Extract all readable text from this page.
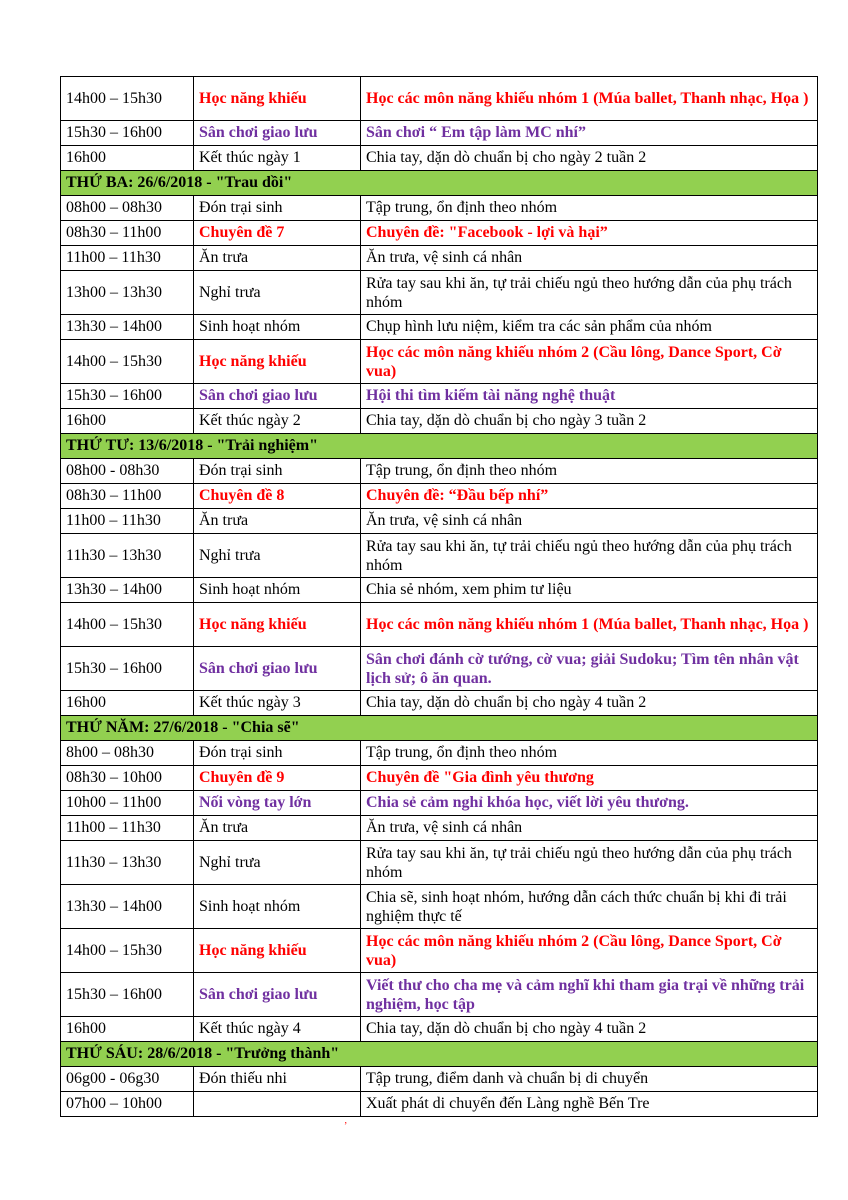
14h00 – 15h30	Học năng khiếu	Học các môn năng khiếu nhóm 1 (Múa ballet, Thanh nhạc, Họa )
15h30 – 16h00	Sân chơi giao lưu	Sân chơi “ Em tập làm MC nhí”
16h00	Kết thúc ngày 1	Chia tay, dặn dò chuẩn bị cho ngày 2 tuần 2
THỨ BA: 26/6/2018 - "Trau dồi"		
08h00 – 08h30	Đón trại sinh	Tập trung, ổn định theo nhóm
08h30 – 11h00	Chuyên đề 7	Chuyên đề: "Facebook - lợi và hại”
11h00 – 11h30	Ăn trưa	Ăn trưa, vệ sinh cá nhân
13h00 – 13h30	Nghỉ trưa	Rửa tay sau khi ăn, tự trải chiếu ngủ theo hướng dẫn của phụ trách nhóm
13h30 – 14h00	Sinh hoạt nhóm	Chụp hình lưu niệm, kiểm tra các sản phẩm của nhóm
14h00 – 15h30	Học năng khiếu	Học các môn năng khiếu nhóm 2 (Cầu lông, Dance Sport, Cờ vua)
15h30 – 16h00	Sân chơi giao lưu	Hội thi tìm kiếm tài năng nghệ thuật
16h00	Kết thúc ngày 2	Chia tay, dặn dò chuẩn bị cho ngày 3 tuần 2
THỨ TƯ: 13/6/2018 - "Trải nghiệm"		
08h00 - 08h30	Đón trại sinh	Tập trung, ổn định theo nhóm
08h30 – 11h00	Chuyên đề 8	Chuyên đề: “Đầu bếp nhí”
11h00 – 11h30	Ăn trưa	Ăn trưa, vệ sinh cá nhân
11h30 – 13h30	Nghỉ trưa	Rửa tay sau khi ăn, tự trải chiếu ngủ theo hướng dẫn của phụ trách nhóm
13h30 – 14h00	Sinh hoạt nhóm	Chia sẻ nhóm, xem phim tư liệu
14h00 – 15h30	Học năng khiếu	Học các môn năng khiếu nhóm 1 (Múa ballet, Thanh nhạc, Họa )
15h30 – 16h00	Sân chơi giao lưu	Sân chơi đánh cờ tướng, cờ vua; giải Sudoku; Tìm tên nhân vật lịch sử; ô ăn quan.
16h00	Kết thúc ngày 3	Chia tay, dặn dò chuẩn bị cho ngày 4 tuần 2
THỨ NĂM: 27/6/2018 - "Chia sẽ"		
8h00 – 08h30	Đón trại sinh	Tập trung, ổn định theo nhóm
08h30 – 10h00	Chuyên đề 9	Chuyên đề "Gia đình yêu thương
10h00 – 11h00	Nối vòng tay lớn	Chia sẻ cảm nghỉ khóa học, viết lời yêu thương.
11h00 – 11h30	Ăn trưa	Ăn trưa, vệ sinh cá nhân
11h30 – 13h30	Nghỉ trưa	Rửa tay sau khi ăn, tự trải chiếu ngủ theo hướng dẫn của phụ trách nhóm
13h30 – 14h00	Sinh hoạt nhóm	Chia sẽ, sinh hoạt nhóm, hướng dẫn cách thức chuẩn bị khi đi trải nghiệm thực tế
14h00 – 15h30	Học năng khiếu	Học các môn năng khiếu nhóm 2 (Cầu lông, Dance Sport, Cờ vua)
15h30 – 16h00	Sân chơi giao lưu	Viết thư cho cha mẹ và cảm nghĩ khi tham gia trại về những trải nghiệm, học tập
16h00	Kết thúc ngày 4	Chia tay, dặn dò chuẩn bị cho ngày 4 tuần 2
THỨ SÁU: 28/6/2018 - "Trưởng thành"		
06g00 - 06g30	Đón thiếu nhi	Tập trung, điểm danh và chuẩn bị di chuyển
07h00 – 10h00		Xuất phát di chuyển đến Làng nghề Bến Tre
ʼ
